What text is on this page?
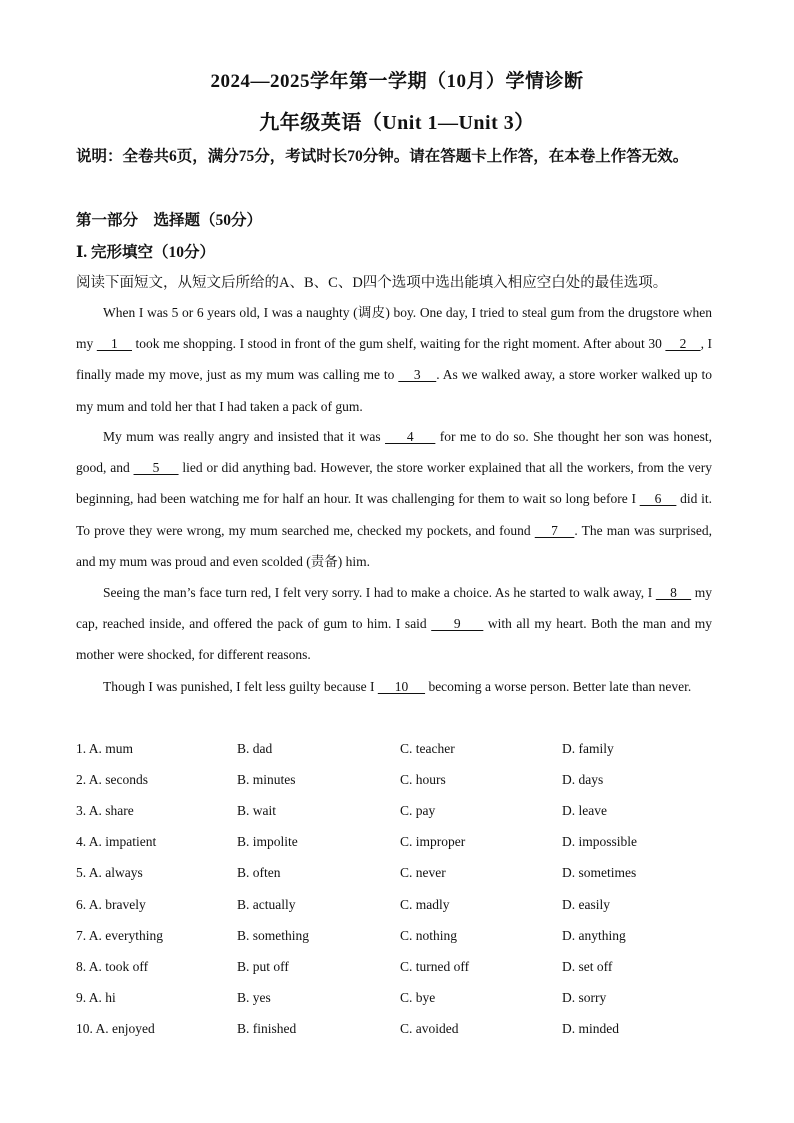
2024—2025学年第一学期（10月）学情诊断
九年级英语（Unit 1—Unit 3）
说明：全卷共6页，满分75分，考试时长70分钟。请在答题卡上作答，在本卷上作答无效。
第一部分　选择题（50分）
Ⅰ. 完形填空（10分）
阅读下面短文，从短文后所给的A、B、C、D四个选项中选出能填入相应空白处的最佳选项。
When I was 5 or 6 years old, I was a naughty (调皮) boy. One day, I tried to steal gum from the drugstore when my     1     took me shopping. I stood in front of the gum shelf, waiting for the right moment. After about 30     2    , I finally made my move, just as my mum was calling me to     3    . As we walked away, a store worker walked up to my mum and told her that I had taken a pack of gum.
My mum was really angry and insisted that it was      4      for me to do so. She thought her son was honest, good, and      5      lied or did anything bad. However, the store worker explained that all the workers, from the very beginning, had been watching me for half an hour. It was challenging for them to wait so long before I     6     did it. To prove they were wrong, my mum searched me, checked my pockets, and found     7    . The man was surprised, and my mum was proud and even scolded (责备) him.
Seeing the man’s face turn red, I felt very sorry. I had to make a choice. As he started to walk away, I     8     my cap, reached inside, and offered the pack of gum to him. I said      9      with all my heart. Both the man and my mother were shocked, for different reasons.
Though I was punished, I felt less guilty because I      10      becoming a worse person. Better late than never.
1. A. mum	B. dad	C. teacher	D. family
2. A. seconds	B. minutes	C. hours	D. days
3. A. share	B. wait	C. pay	D. leave
4. A. impatient	B. impolite	C. improper	D. impossible
5. A. always	B. often	C. never	D. sometimes
6. A. bravely	B. actually	C. madly	D. easily
7. A. everything	B. something	C. nothing	D. anything
8. A. took off	B. put off	C. turned off	D. set off
9. A. hi	B. yes	C. bye	D. sorry
10. A. enjoyed	B. finished	C. avoided	D. minded
